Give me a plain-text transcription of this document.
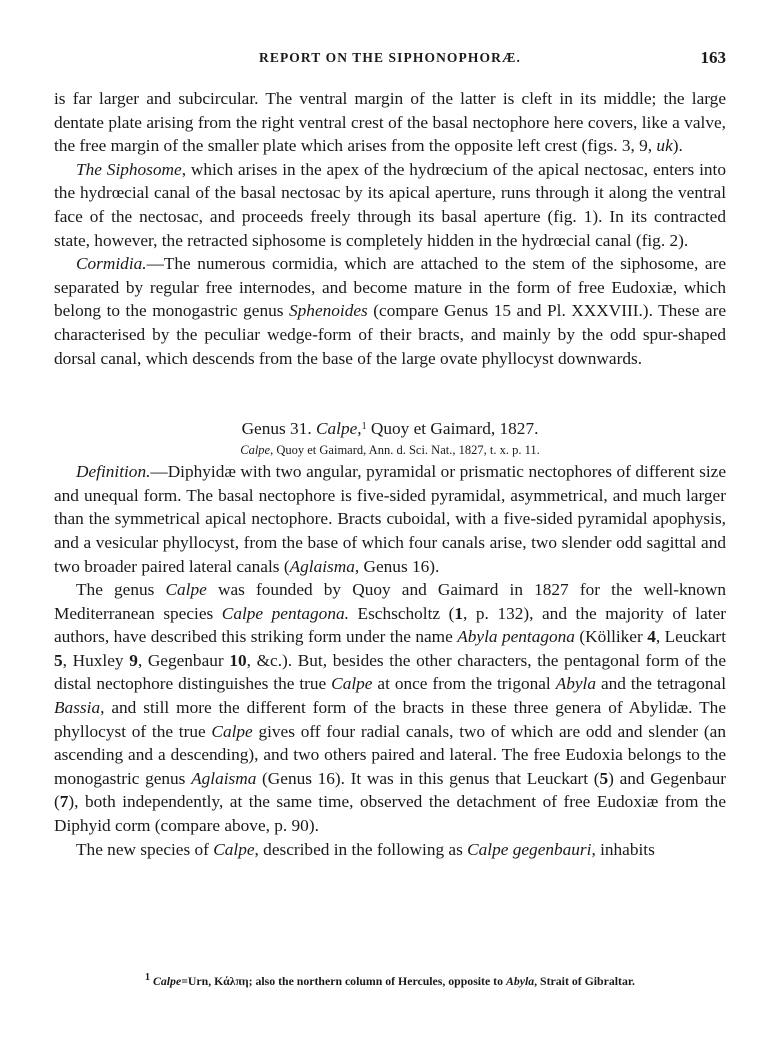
REPORT ON THE SIPHONOPHORÆ.	163

is far larger and subcircular. The ventral margin of the latter is cleft in its middle; the large dentate plate arising from the right ventral crest of the basal nectophore here covers, like a valve, the free margin of the smaller plate which arises from the opposite left crest (figs. 3, 9, uk).

The Siphosome, which arises in the apex of the hydrœcium of the apical nectosac, enters into the hydrœcial canal of the basal nectosac by its apical aperture, runs through it along the ventral face of the nectosac, and proceeds freely through its basal aperture (fig. 1). In its contracted state, however, the retracted siphosome is completely hidden in the hydrœcial canal (fig. 2).

Cormidia.—The numerous cormidia, which are attached to the stem of the siphosome, are separated by regular free internodes, and become mature in the form of free Eudoxiæ, which belong to the monogastric genus Sphenoides (compare Genus 15 and Pl. XXXVIII.). These are characterised by the peculiar wedge-form of their bracts, and mainly by the odd spur-shaped dorsal canal, which descends from the base of the large ovate phyllocyst downwards.

Genus 31. Calpe,$^1$ Quoy et Gaimard, 1827.

Calpe, Quoy et Gaimard, Ann. d. Sci. Nat., 1827, t. x. p. 11.

Definition.—Diphyidæ with two angular, pyramidal or prismatic nectophores of different size and unequal form. The basal nectophore is five-sided pyramidal, asymmetrical, and much larger than the symmetrical apical nectophore. Bracts cuboidal, with a five-sided pyramidal apophysis, and a vesicular phyllocyst, from the base of which four canals arise, two slender odd sagittal and two broader paired lateral canals (Aglaisma, Genus 16).

The genus Calpe was founded by Quoy and Gaimard in 1827 for the well-known Mediterranean species Calpe pentagona. Eschscholtz (1, p. 132), and the majority of later authors, have described this striking form under the name Abyla pentagona (Kölliker 4, Leuckart 5, Huxley 9, Gegenbaur 10, &c.). But, besides the other characters, the pentagonal form of the distal nectophore distinguishes the true Calpe at once from the trigonal Abyla and the tetragonal Bassia, and still more the different form of the bracts in these three genera of Abylidæ. The phyllocyst of the true Calpe gives off four radial canals, two of which are odd and slender (an ascending and a descending), and two others paired and lateral. The free Eudoxia belongs to the monogastric genus Aglaisma (Genus 16). It was in this genus that Leuckart (5) and Gegenbaur (7), both independently, at the same time, observed the detachment of free Eudoxiæ from the Diphyid corm (compare above, p. 90).

The new species of Calpe, described in the following as Calpe gegenbauri, inhabits

$^1$ Calpe=Urn, Κάλπη; also the northern column of Hercules, opposite to Abyla, Strait of Gibraltar.
